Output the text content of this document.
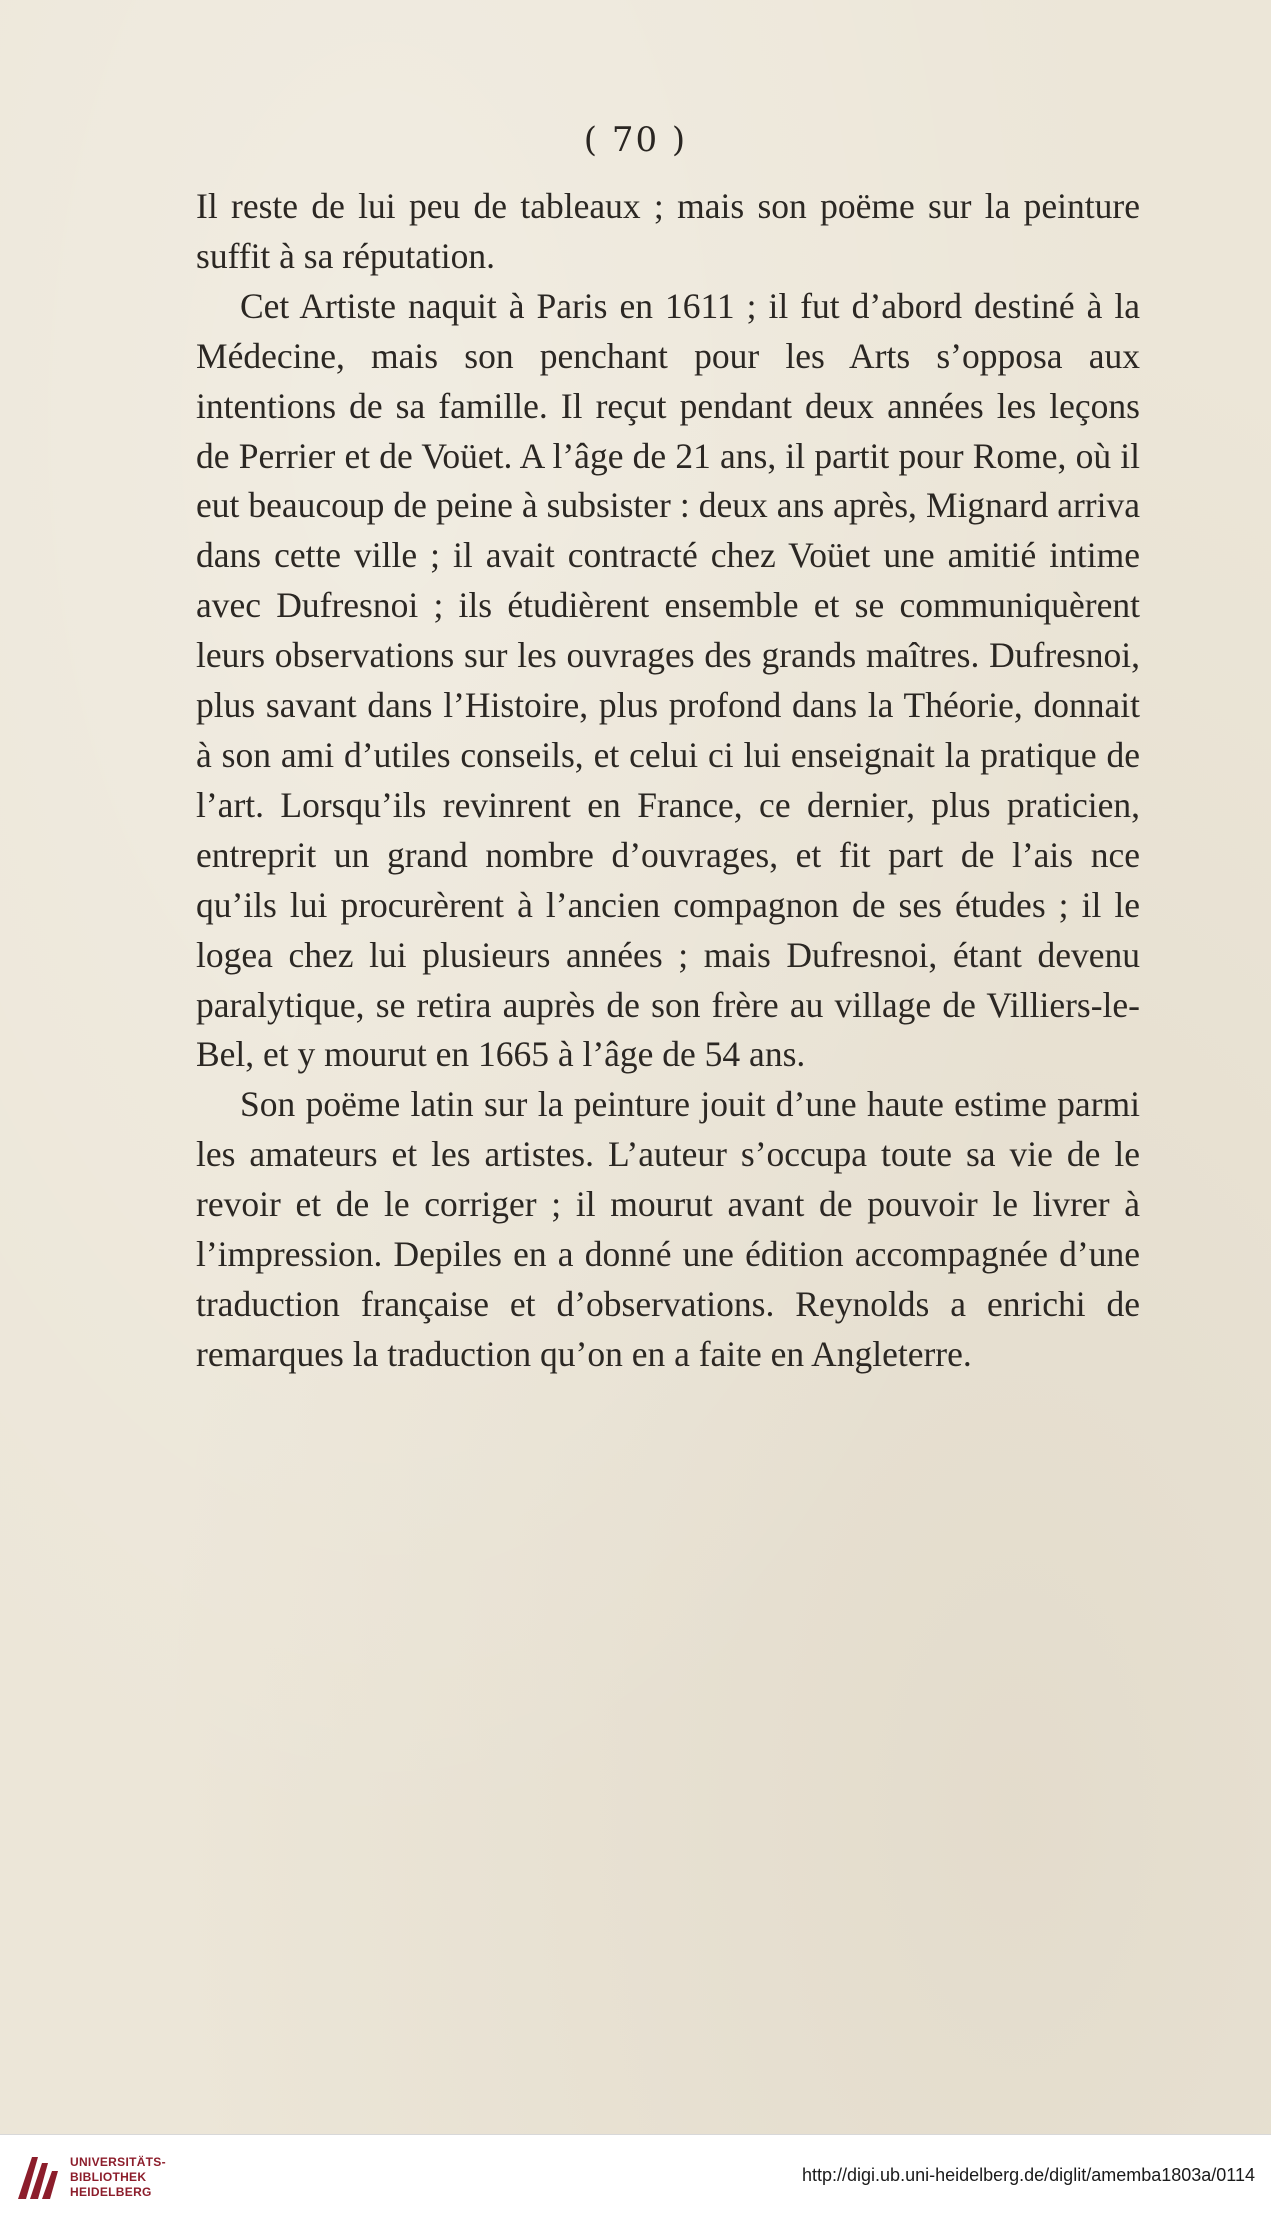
( 70 )

Il reste de lui peu de tableaux ; mais son poëme sur la peinture suffit à sa réputation.

Cet Artiste naquit à Paris en 1611 ; il fut d’abord destiné à la Médecine, mais son penchant pour les Arts s’opposa aux intentions de sa famille. Il reçut pendant deux années les leçons de Perrier et de Voüet. A l’âge de 21 ans, il partit pour Rome, où il eut beaucoup de peine à subsister : deux ans après, Mignard arriva dans cette ville ; il avait contracté chez Voüet une amitié intime avec Dufresnoi ; ils étudièrent ensemble et se communiquèrent leurs observations sur les ouvrages des grands maîtres. Dufresnoi, plus savant dans l’Histoire, plus profond dans la Théorie, donnait à son ami d’utiles conseils, et celui ci lui enseignait la pratique de l’art. Lorsqu’ils revinrent en France, ce dernier, plus praticien, entreprit un grand nombre d’ouvrages, et fit part de l’ais nce qu’ils lui procurèrent à l’ancien compagnon de ses études ; il le logea chez lui plusieurs années ; mais Dufresnoi, étant devenu paralytique, se retira auprès de son frère au village de Villiers-le-Bel, et y mourut en 1665 à l’âge de 54 ans.

Son poëme latin sur la peinture jouit d’une haute estime parmi les amateurs et les artistes. L’auteur s’occupa toute sa vie de le revoir et de le corriger ; il mourut avant de pouvoir le livrer à l’impression. Depiles en a donné une édition accompagnée d’une traduction française et d’observations. Reynolds a enrichi de remarques la traduction qu’on en a faite en Angleterre.

UNIVERSITÄTS-
BIBLIOTHEK
HEIDELBERG
http://digi.ub.uni-heidelberg.de/diglit/amemba1803a/0114
